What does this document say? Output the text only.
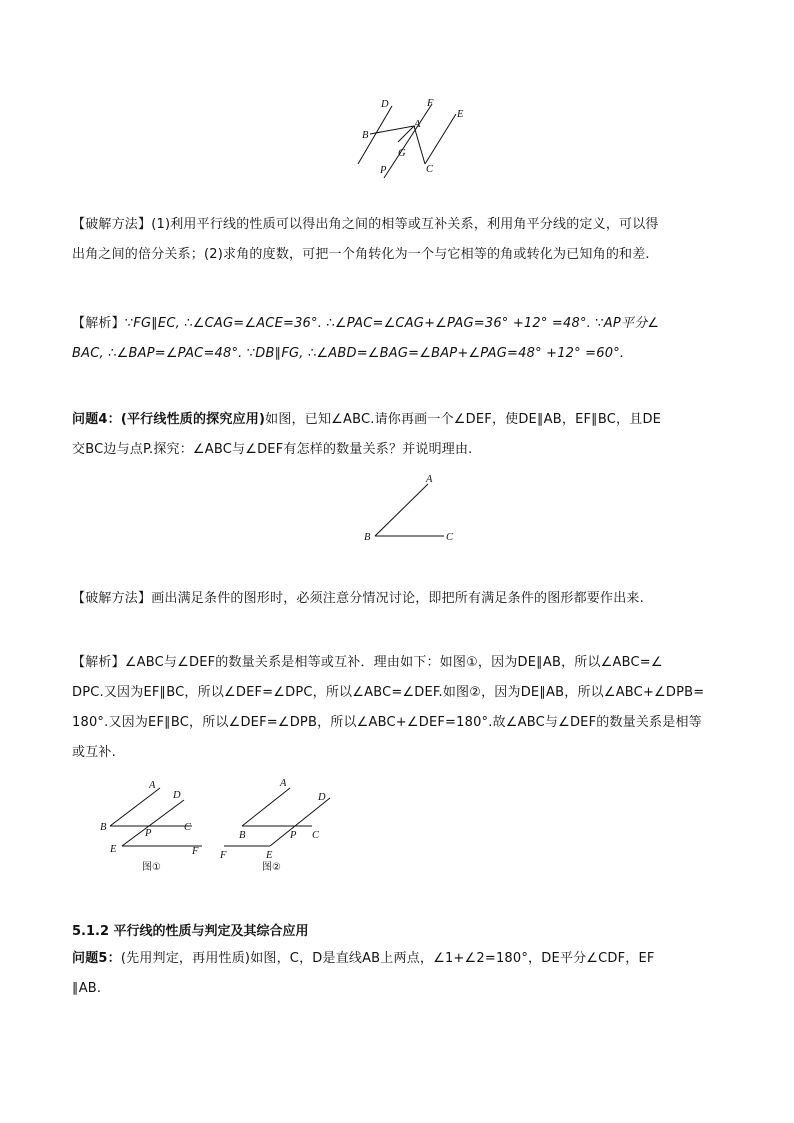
D	F
E
B
A
G
P	C
【破解方法】(1)利用平行线的性质可以得出角之间的相等或互补关系，利用角平分线的定义，可以得
出角之间的倍分关系；(2)求角的度数，可把一个角转化为一个与它相等的角或转化为已知角的和差.
【解析】∵FG∥EC, ∴∠CAG=∠ACE=36°. ∴∠PAC=∠CAG+∠PAG=36° +12° =48°. ∵AP平分∠
BAC, ∴∠BAP=∠PAC=48°. ∵DB∥FG, ∴∠ABD=∠BAG=∠BAP+∠PAG=48° +12° =60°.
问题4：(平行线性质的探究应用)如图，已知∠ABC.请你再画一个∠DEF，使DE∥AB，EF∥BC，且DE
交BC边与点P.探究：∠ABC与∠DEF有怎样的数量关系？并说明理由.
A
B	C
【破解方法】画出满足条件的图形时，必须注意分情况讨论，即把所有满足条件的图形都要作出来.
【解析】∠ABC与∠DEF的数量关系是相等或互补．理由如下：如图①，因为DE∥AB，所以∠ABC=∠
DPC.又因为EF∥BC，所以∠DEF=∠DPC，所以∠ABC=∠DEF.如图②，因为DE∥AB，所以∠ABC+∠DPB=
180°.又因为EF∥BC，所以∠DEF=∠DPB，所以∠ABC+∠DEF=180°.故∠ABC与∠DEF的数量关系是相等
或互补.
A
D
B
P
C
E	F
图①
A
D
B	P C
F	E
图②
5.1.2 平行线的性质与判定及其综合应用
问题5：(先用判定，再用性质)如图，C，D是直线AB上两点，∠1+∠2=180°，DE平分∠CDF，EF
∥AB.
